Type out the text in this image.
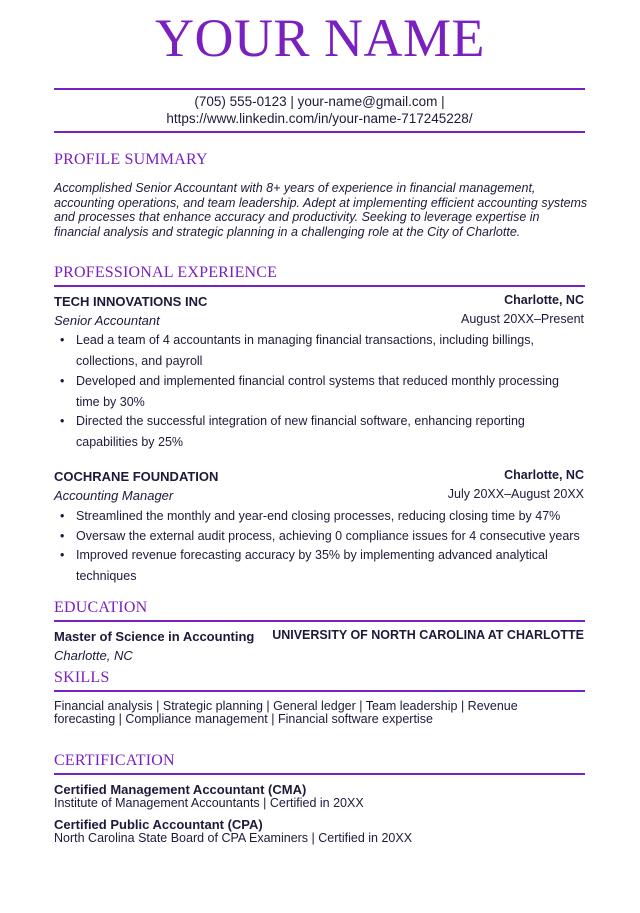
YOUR NAME
(705) 555-0123 | your-name@gmail.com |
https://www.linkedin.com/in/your-name-717245228/
PROFILE SUMMARY
Accomplished Senior Accountant with 8+ years of experience in financial management, accounting operations, and team leadership. Adept at implementing efficient accounting systems and processes that enhance accuracy and productivity. Seeking to leverage expertise in financial analysis and strategic planning in a challenging role at the City of Charlotte.
PROFESSIONAL EXPERIENCE
TECH INNOVATIONS INC	Charlotte, NC
Senior Accountant	August 20XX–Present
• Lead a team of 4 accountants in managing financial transactions, including billings, collections, and payroll
• Developed and implemented financial control systems that reduced monthly processing time by 30%
• Directed the successful integration of new financial software, enhancing reporting capabilities by 25%
COCHRANE FOUNDATION	Charlotte, NC
Accounting Manager	July 20XX–August 20XX
• Streamlined the monthly and year-end closing processes, reducing closing time by 47%
• Oversaw the external audit process, achieving 0 compliance issues for 4 consecutive years
• Improved revenue forecasting accuracy by 35% by implementing advanced analytical techniques
EDUCATION
Master of Science in Accounting UNIVERSITY OF NORTH CAROLINA AT CHARLOTTE
Charlotte, NC
SKILLS
Financial analysis | Strategic planning | General ledger | Team leadership | Revenue forecasting | Compliance management | Financial software expertise
CERTIFICATION
Certified Management Accountant (CMA)
Institute of Management Accountants | Certified in 20XX
Certified Public Accountant (CPA)
North Carolina State Board of CPA Examiners | Certified in 20XX
